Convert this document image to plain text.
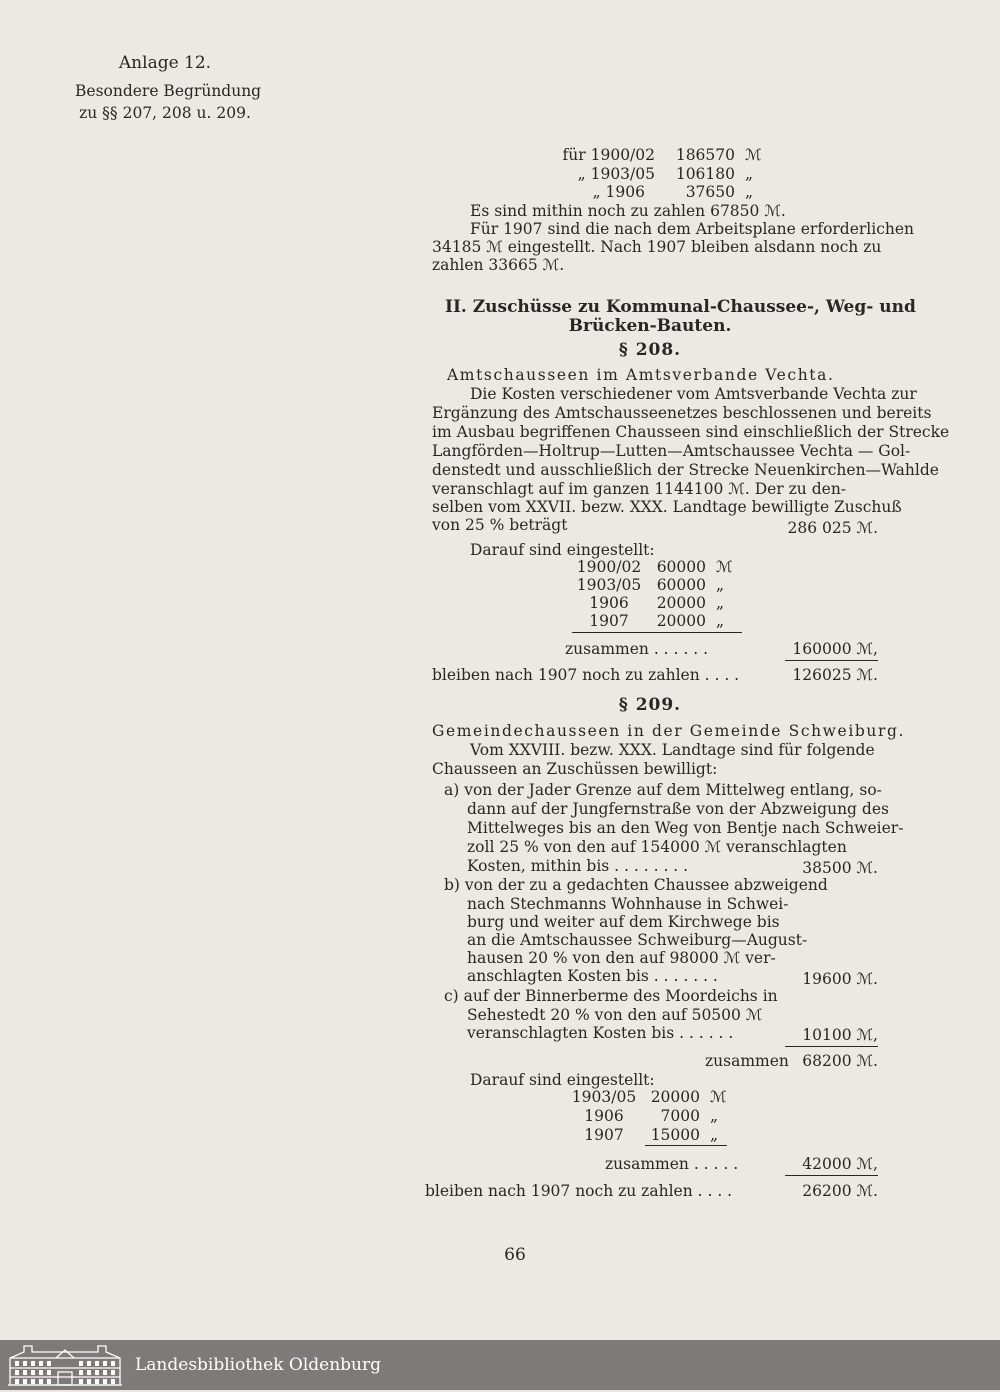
Anlage 12.
Besondere Begründung
zu §§ 207, 208 u. 209.
für 1900/02	186570 ℳ
„ 1903/05	106180 „
„ 1906	37650 „
Es sind mithin noch zu zahlen 67850 ℳ.
Für 1907 sind die nach dem Arbeitsplane erforderlichen
34185 ℳ eingestellt. Nach 1907 bleiben alsdann noch zu
zahlen 33665 ℳ.
II. Zuschüsse zu Kommunal-Chaussee-, Weg- und
Brücken-Bauten.
§ 208.
Amtschausseen im Amtsverbande Vechta.
Die Kosten verschiedener vom Amtsverbande Vechta zur
Ergänzung des Amtschausseenetzes beschlossenen und bereits
im Ausbau begriffenen Chausseen sind einschließlich der Strecke
Langförden—Holtrup—Lutten—Amtschaussee Vechta — Gol-
denstedt und ausschließlich der Strecke Neuenkirchen—Wahlde
veranschlagt auf im ganzen 1144100 ℳ. Der zu den-
selben vom XXVII. bezw. XXX. Landtage bewilligte Zuschuß
von 25 % beträgt	286 025 ℳ.
Darauf sind eingestellt:
1900/02 60000 ℳ
1903/05 60000 „
1906	20000 „
1907	20000 „
zusammen . . . . . .	160000 ℳ,
bleiben nach 1907 noch zu zahlen . . . .	126025 ℳ.
§ 209.
Gemeindechausseen in der Gemeinde Schweiburg.
Vom XXVIII. bezw. XXX. Landtage sind für folgende
Chausseen an Zuschüssen bewilligt:
a) von der Jader Grenze auf dem Mittelweg entlang, so-
dann auf der Jungfernstraße von der Abzweigung des
Mittelweges bis an den Weg von Bentje nach Schweier-
zoll 25 % von den auf 154000 ℳ veranschlagten
Kosten, mithin bis . . . . . . . .	38500 ℳ.
b) von der zu a gedachten Chaussee abzweigend
nach Stechmanns Wohnhause in Schwei-
burg und weiter auf dem Kirchwege bis
an die Amtschaussee Schweiburg—August-
hausen 20 % von den auf 98000 ℳ ver-
anschlagten Kosten bis . . . . . . .	19600 ℳ.
c) auf der Binnerberme des Moordeichs in
Sehestedt 20 % von den auf 50500 ℳ
veranschlagten Kosten bis . . . . . .	10100 ℳ,
zusammen 68200 ℳ.
Darauf sind eingestellt:
1903/05 20000 ℳ
1906	7000 „
1907	15000 „
zusammen . . . . .	42000 ℳ,
bleiben nach 1907 noch zu zahlen . . . .	26200 ℳ.
66
Landesbibliothek Oldenburg
